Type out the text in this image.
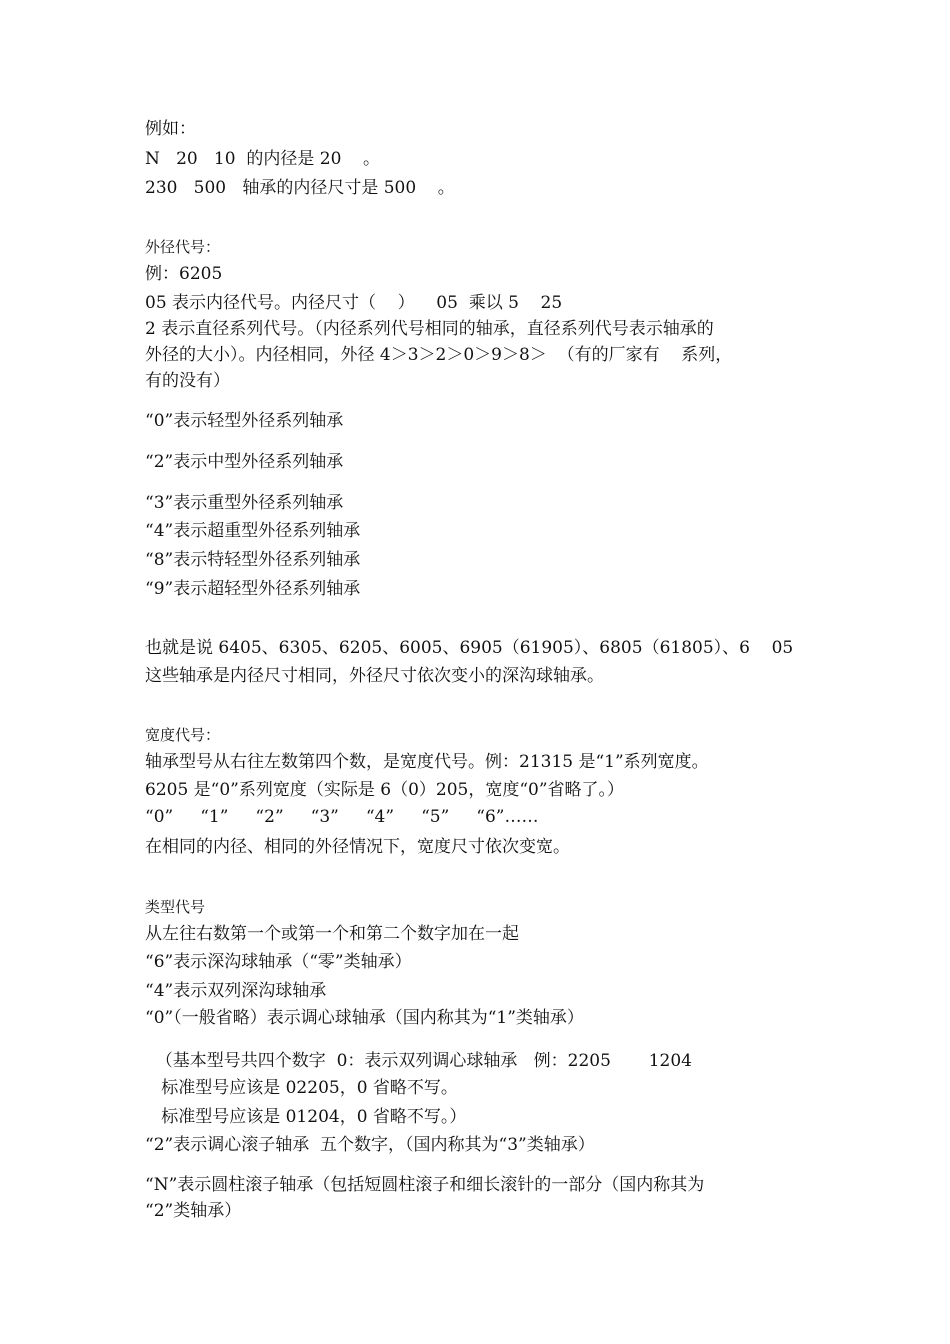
例如：
N   20   10  的内径是 20    。
230   500   轴承的内径尺寸是 500    。
外径代号：
例：6205
05 表示内径代号。内径尺寸（    ）    05  乘以 5    25
2 表示直径系列代号。（内径系列代号相同的轴承，直径系列代号表示轴承的
外径的大小）。内径相同，外径 4＞3＞2＞0＞9＞8＞  （有的厂家有    系列，
有的没有）
“0”表示轻型外径系列轴承
“2”表示中型外径系列轴承
“3”表示重型外径系列轴承
“4”表示超重型外径系列轴承
“8”表示特轻型外径系列轴承
“9”表示超轻型外径系列轴承
也就是说 6405、6305、6205、6005、6905（61905）、6805（61805）、6    05
这些轴承是内径尺寸相同，外径尺寸依次变小的深沟球轴承。
宽度代号：
轴承型号从右往左数第四个数，是宽度代号。例：21315 是“1”系列宽度。
6205 是“0”系列宽度（实际是 6（0）205，宽度“0”省略了。）
“0”     “1”     “2”     “3”     “4”     “5”     “6”……
在相同的内径、相同的外径情况下，宽度尺寸依次变宽。
类型代号
从左往右数第一个或第一个和第二个数字加在一起
“6”表示深沟球轴承（“零”类轴承）
“4”表示双列深沟球轴承
“0”（一般省略）表示调心球轴承（国内称其为“1”类轴承）
（基本型号共四个数字  0：表示双列调心球轴承   例：2205       1204
标准型号应该是 02205，0 省略不写。
标准型号应该是 01204，0 省略不写。）
“2”表示调心滚子轴承  五个数字，（国内称其为“3”类轴承）
“N”表示圆柱滚子轴承（包括短圆柱滚子和细长滚针的一部分（国内称其为
“2”类轴承）
